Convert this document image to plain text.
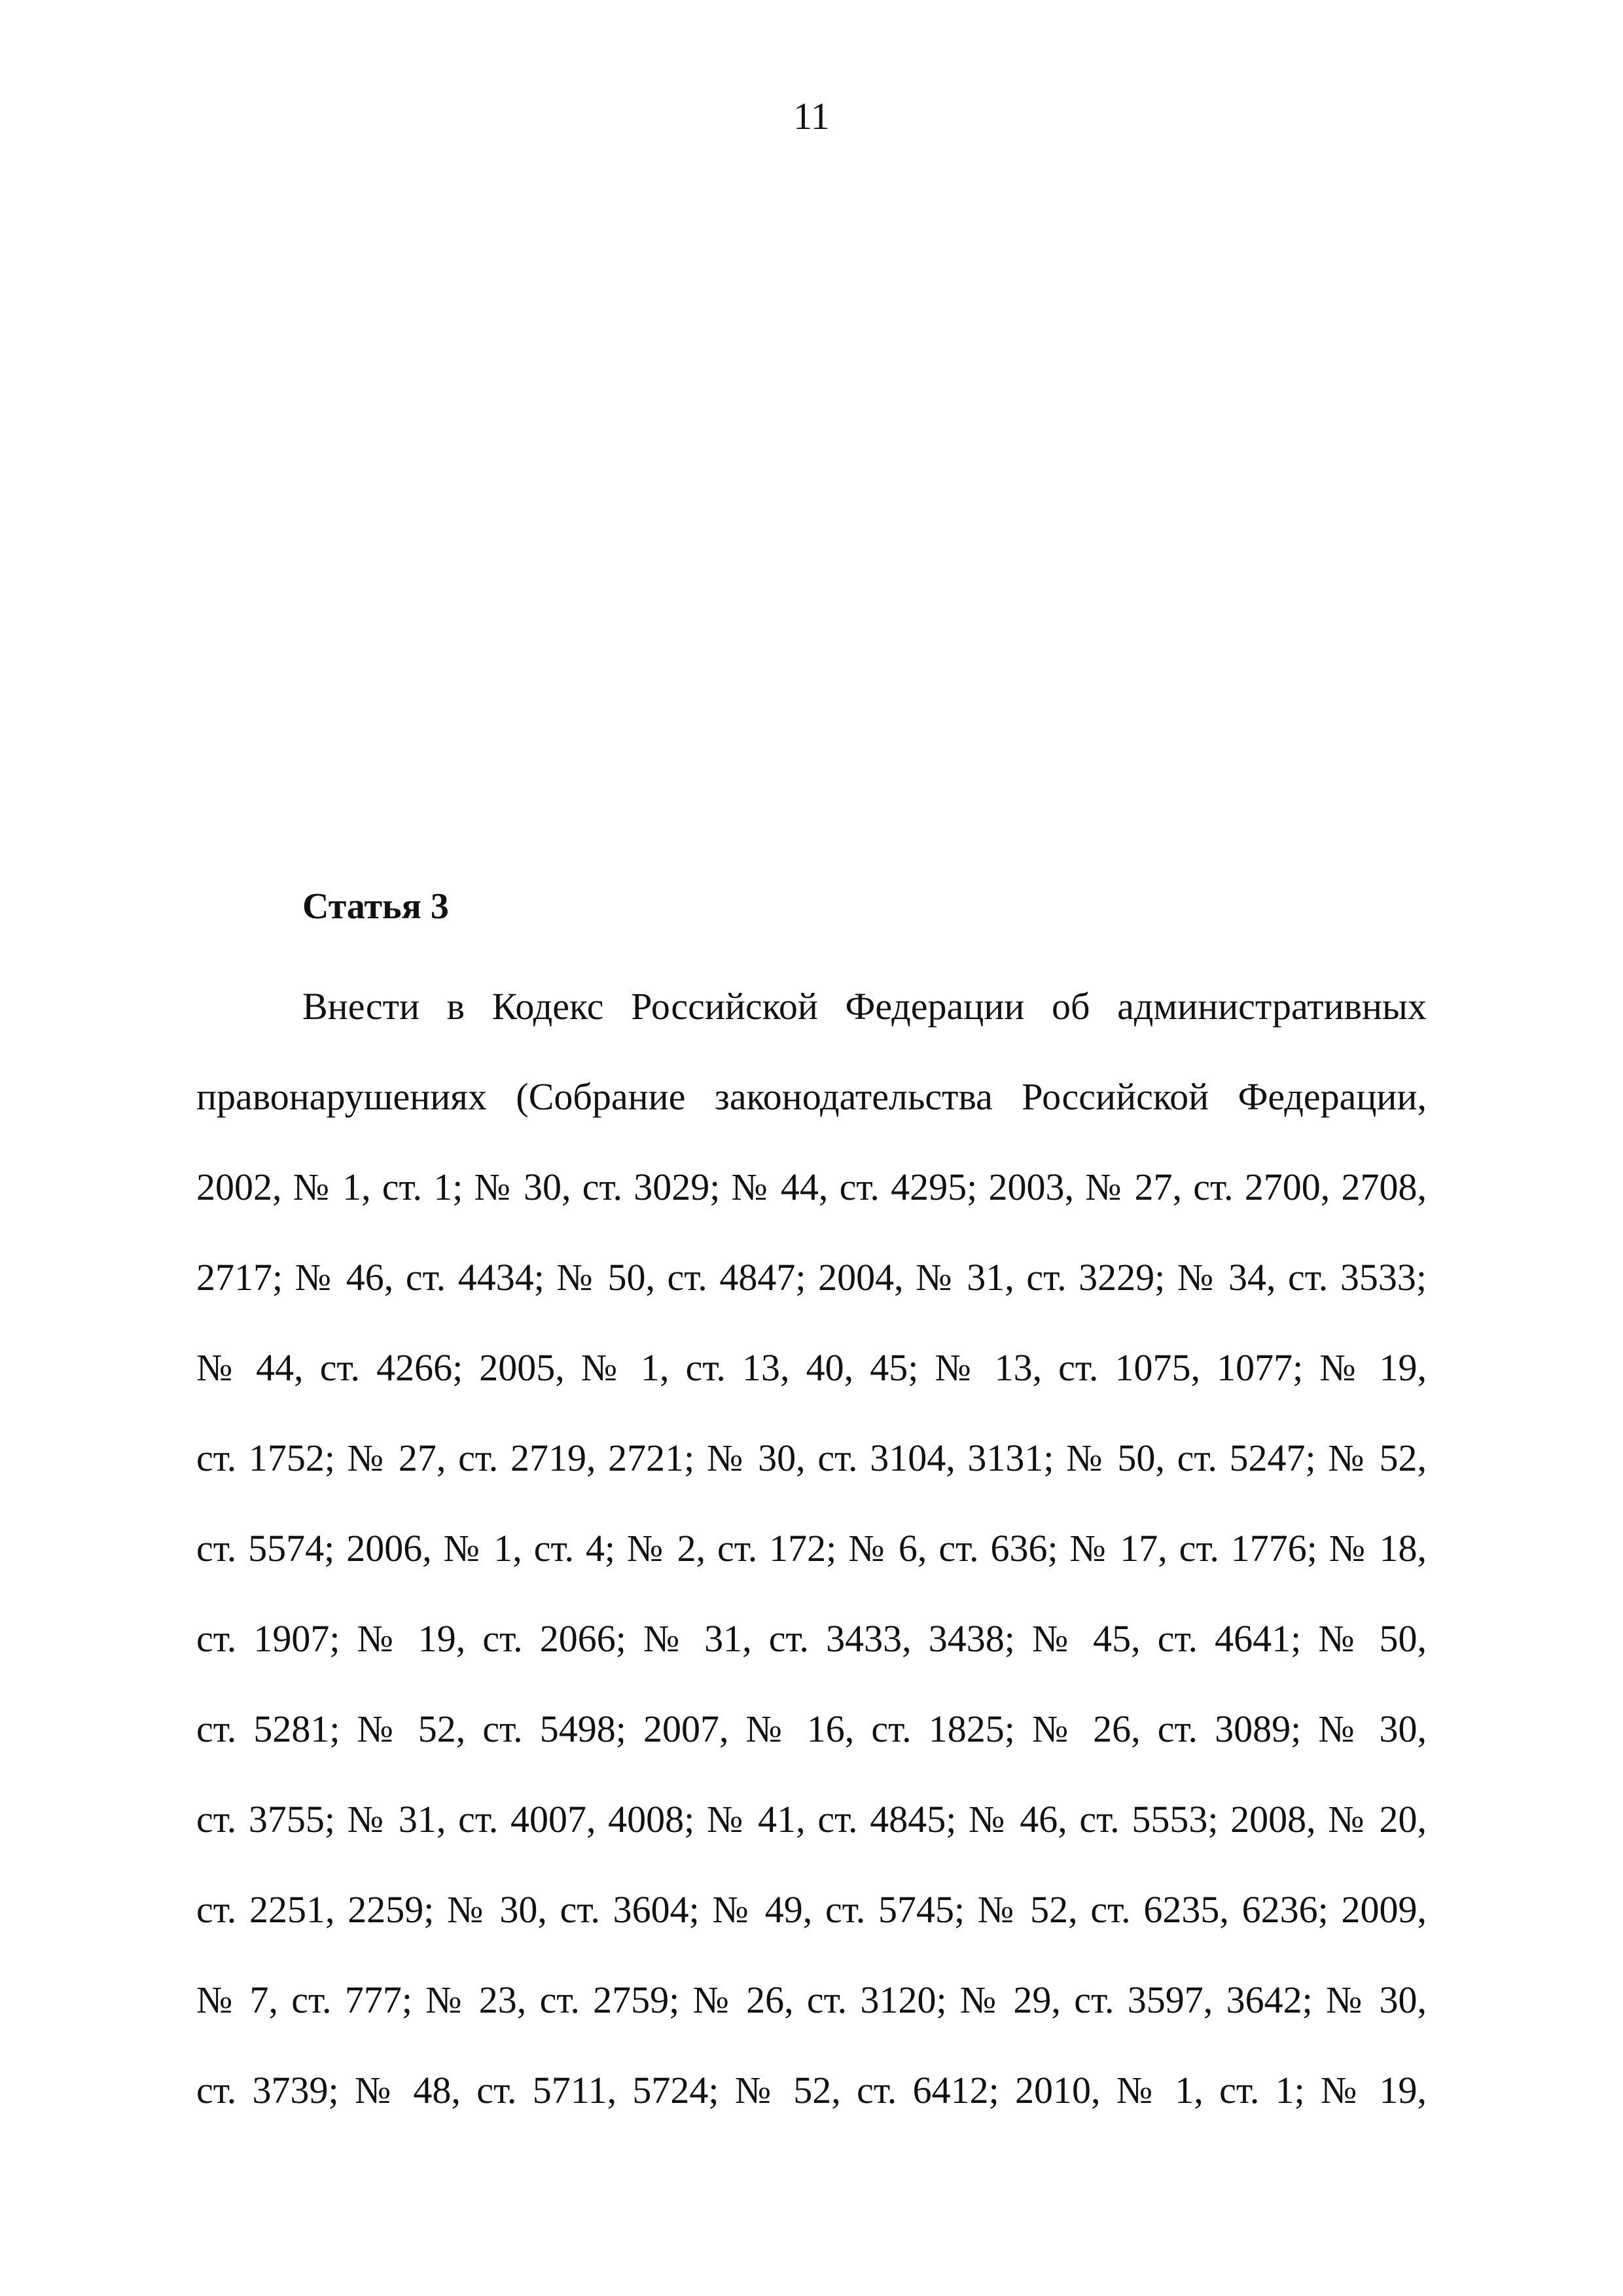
11
Статья 3
Внести в Кодекс Российской Федерации об административных
правонарушениях (Собрание законодательства Российской Федерации,
2002, № 1, ст. 1; № 30, ст. 3029; № 44, ст. 4295; 2003, № 27, ст. 2700, 2708,
2717; № 46, ст. 4434; № 50, ст. 4847; 2004, № 31, ст. 3229; № 34, ст. 3533;
№ 44, ст. 4266; 2005, № 1, ст. 13, 40, 45; № 13, ст. 1075, 1077; № 19,
ст. 1752; № 27, ст. 2719, 2721; № 30, ст. 3104, 3131; № 50, ст. 5247; № 52,
ст. 5574; 2006, № 1, ст. 4; № 2, ст. 172; № 6, ст. 636; № 17, ст. 1776; № 18,
ст. 1907; № 19, ст. 2066; № 31, ст. 3433, 3438; № 45, ст. 4641; № 50,
ст. 5281; № 52, ст. 5498; 2007, № 16, ст. 1825; № 26, ст. 3089; № 30,
ст. 3755; № 31, ст. 4007, 4008; № 41, ст. 4845; № 46, ст. 5553; 2008, № 20,
ст. 2251, 2259; № 30, ст. 3604; № 49, ст. 5745; № 52, ст. 6235, 6236; 2009,
№ 7, ст. 777; № 23, ст. 2759; № 26, ст. 3120; № 29, ст. 3597, 3642; № 30,
ст. 3739; № 48, ст. 5711, 5724; № 52, ст. 6412; 2010, № 1, ст. 1; № 19,
